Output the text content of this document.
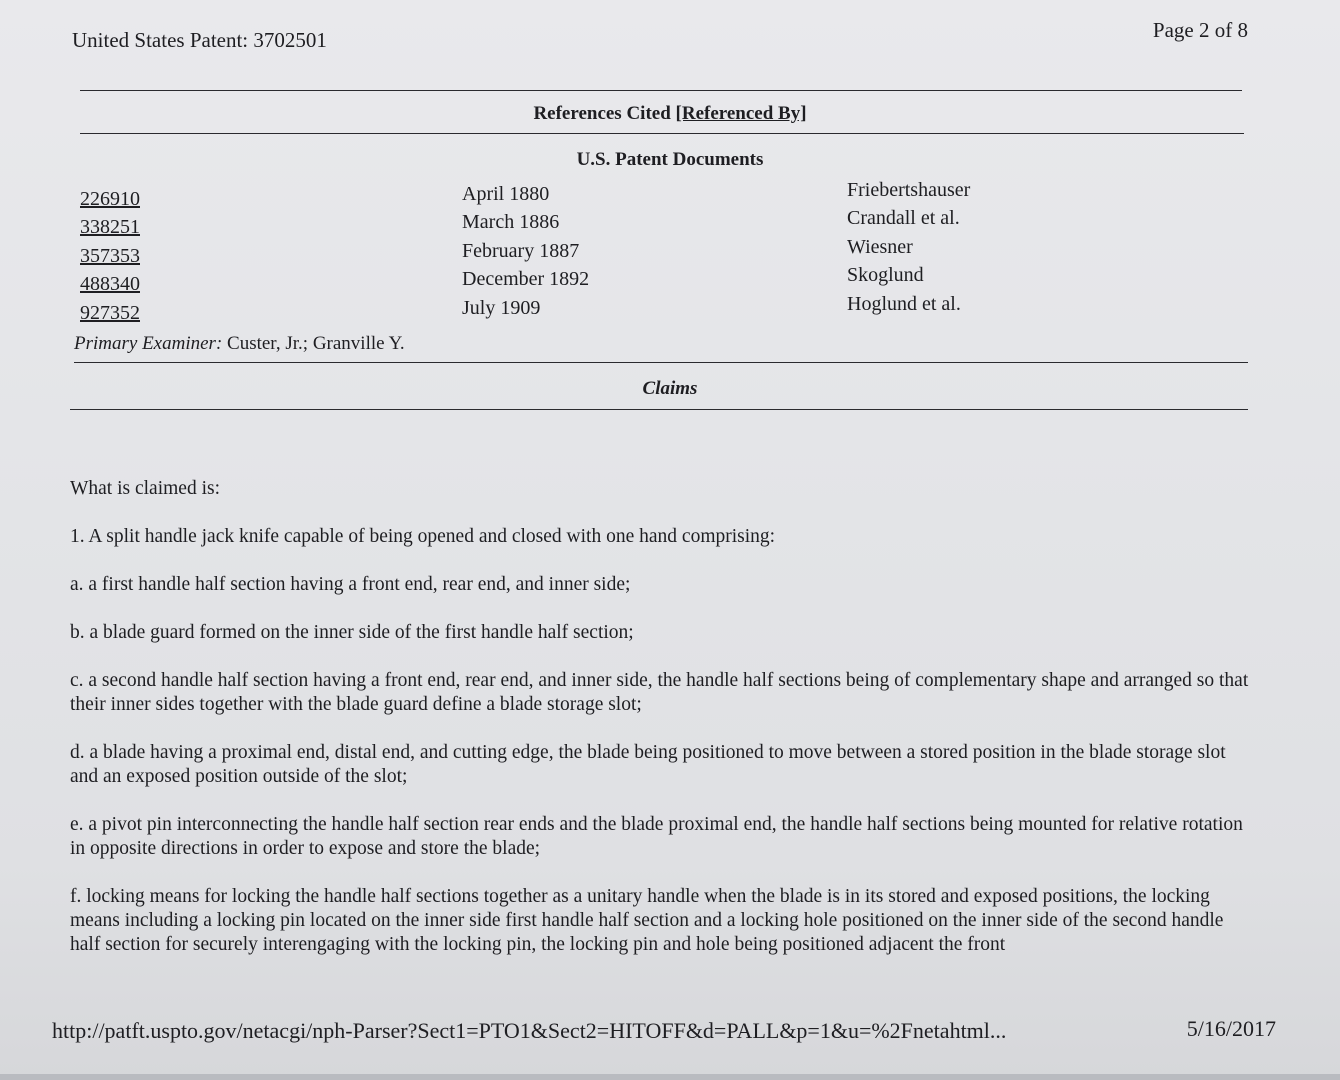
United States Patent: 3702501	Page 2 of 8
References Cited [Referenced By]
U.S. Patent Documents
226910	April 1880	Friebertshauser
338251	March 1886	Crandall et al.
357353	February 1887	Wiesner
488340	December 1892	Skoglund
927352	July 1909	Hoglund et al.
Primary Examiner: Custer, Jr.; Granville Y.
Claims

What is claimed is:

1. A split handle jack knife capable of being opened and closed with one hand comprising:

a. a first handle half section having a front end, rear end, and inner side;

b. a blade guard formed on the inner side of the first handle half section;

c. a second handle half section having a front end, rear end, and inner side, the handle half sections being of complementary shape and arranged so that their inner sides together with the blade guard define a blade storage slot;

d. a blade having a proximal end, distal end, and cutting edge, the blade being positioned to move between a stored position in the blade storage slot and an exposed position outside of the slot;

e. a pivot pin interconnecting the handle half section rear ends and the blade proximal end, the handle half sections being mounted for relative rotation in opposite directions in order to expose and store the blade;

f. locking means for locking the handle half sections together as a unitary handle when the blade is in its stored and exposed positions, the locking means including a locking pin located on the inner side first handle half section and a locking hole positioned on the inner side of the second handle half section for securely interengaging with the locking pin, the locking pin and hole being positioned adjacent the front

http://patft.uspto.gov/netacgi/nph-Parser?Sect1=PTO1&Sect2=HITOFF&d=PALL&p=1&u=%2Fnetahtml...	5/16/2017
